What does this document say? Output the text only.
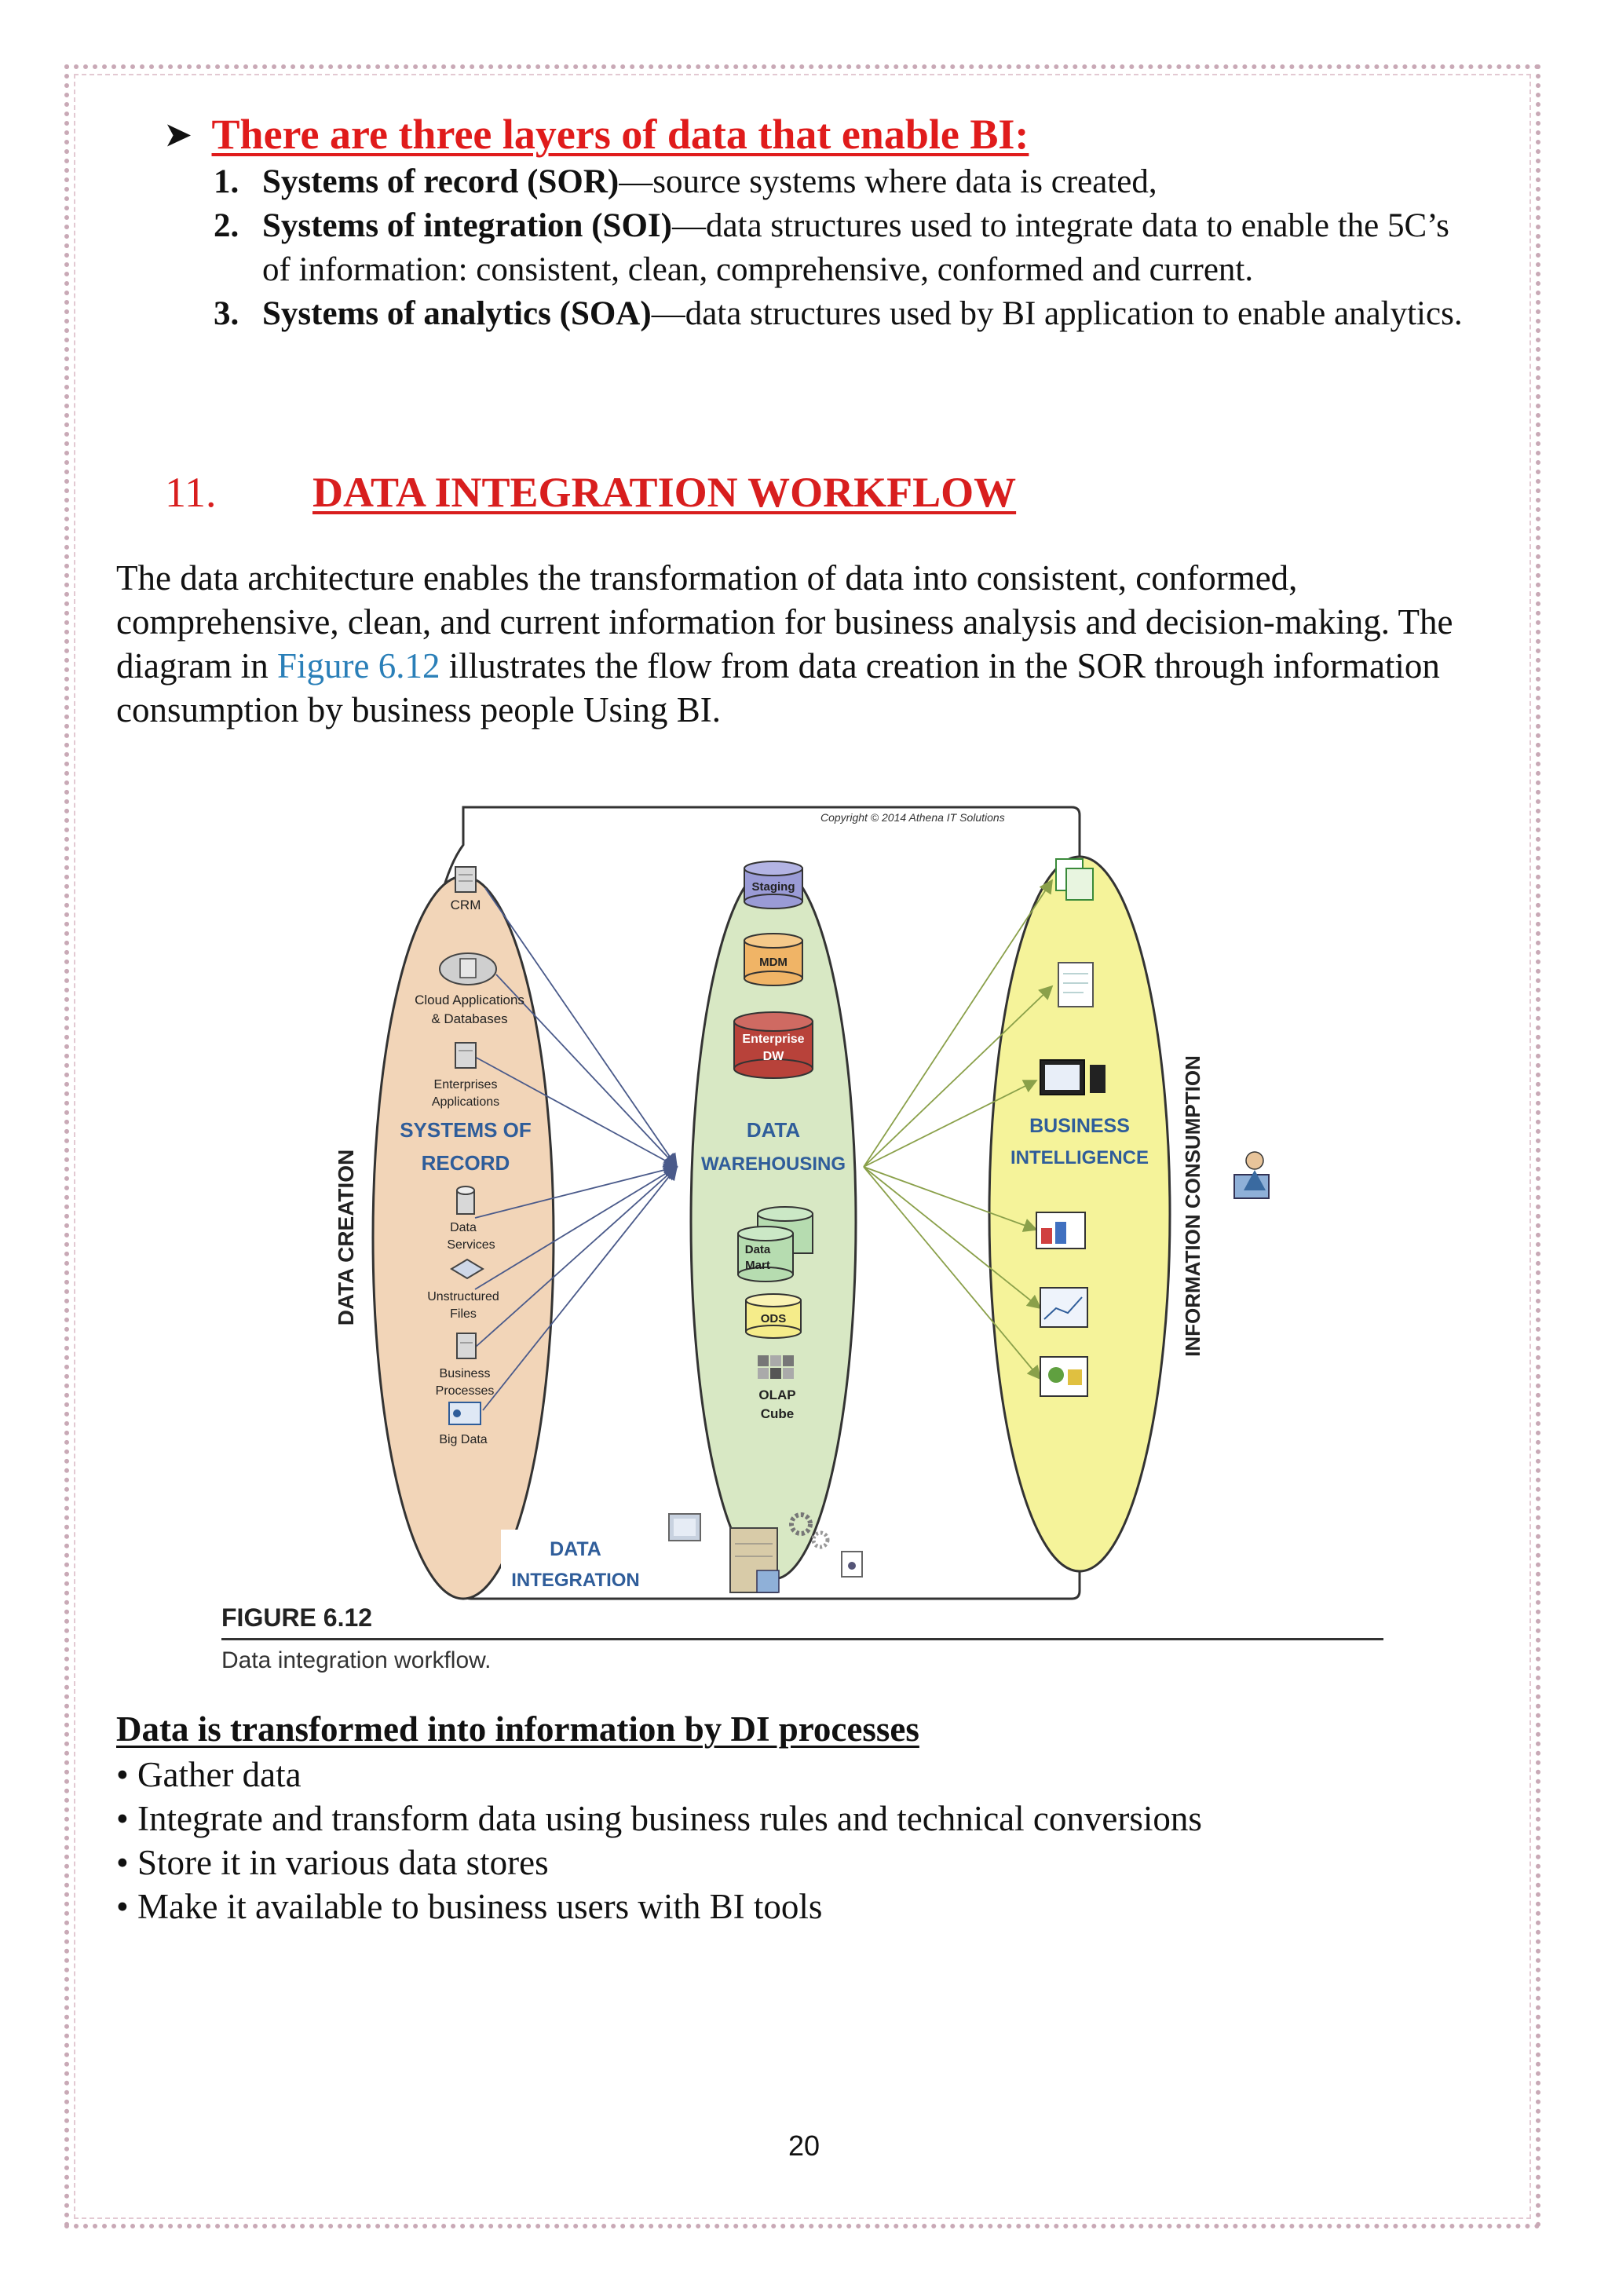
➤ There are three layers of data that enable BI:
1. Systems of record (SOR)—source systems where data is created,
2. Systems of integration (SOI)—data structures used to integrate data to enable the 5C’s of information: consistent, clean, comprehensive, conformed and current.
3. Systems of analytics (SOA)—data structures used by BI application to enable analytics.
11. DATA INTEGRATION WORKFLOW
The data architecture enables the transformation of data into consistent, conformed, comprehensive, clean, and current information for business analysis and decision-making. The diagram in Figure 6.12 illustrates the flow from data creation in the SOR through information consumption by business people Using BI.
Copyright © 2014 Athena IT Solutions
DATA CREATION	INFORMATION CONSUMPTION
CRM
Cloud Applications
& Databases
Enterprises
Applications
SYSTEMS OF
RECORD
Data
Services
Unstructured
Files
Business
Processes
Big Data
Staging
MDM
Enterprise
DW
DATA
WAREHOUSING
Data
Mart
ODS
OLAP
Cube
BUSINESS
INTELLIGENCE
DATA
INTEGRATION
FIGURE 6.12
Data integration workflow.
Data is transformed into information by DI processes
• Gather data
• Integrate and transform data using business rules and technical conversions
• Store it in various data stores
• Make it available to business users with BI tools
20
